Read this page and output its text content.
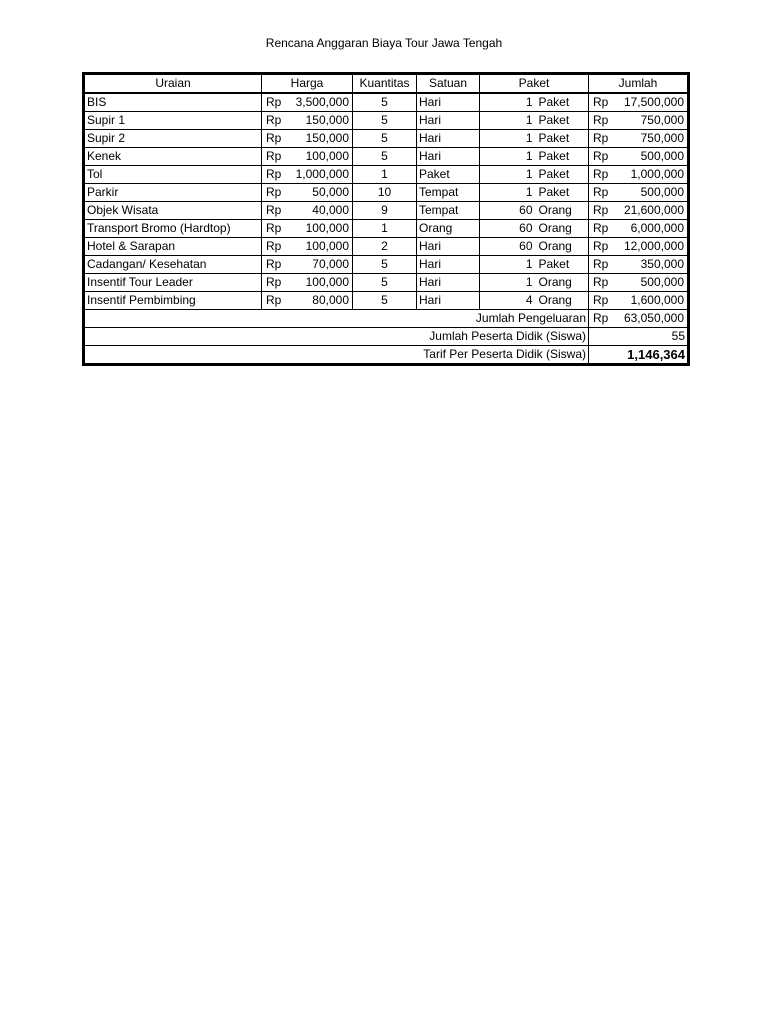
Rencana Anggaran Biaya Tour Jawa Tengah
Uraian	Harga	Kuantitas	Satuan	Paket		Jumlah
BIS	Rp 3,500,000	5	Hari	1	Paket	Rp 17,500,000

Supir 1	Rp 150,000	5	Hari	1	Paket	Rp 750,000

Supir 2	Rp 150,000	5	Hari	1	Paket	Rp 750,000

Kenek	Rp 100,000	5	Hari	1	Paket	Rp 500,000

Tol	Rp 1,000,000	1	Paket	1	Paket	Rp 1,000,000

Parkir	Rp 50,000	10	Tempat	1	Paket	Rp 500,000

Objek Wisata	Rp 40,000	9	Tempat	60	Orang	Rp 21,600,000

Transport Bromo (Hardtop)	Rp 100,000	1	Orang	60	Orang	Rp 6,000,000

Hotel & Sarapan	Rp 100,000	2	Hari	60	Orang	Rp 12,000,000

Cadangan/ Kesehatan	Rp 70,000	5	Hari	1	Paket	Rp 350,000

Insentif Tour Leader	Rp 100,000	5	Hari	1	Orang	Rp 500,000

Insentif Pembimbing	Rp 80,000	5	Hari	4	Orang	Rp 1,600,000

Jumlah Pengeluaran						Rp 63,050,000

Jumlah Peserta Didik (Siswa)						55
Tarif Per Peserta Didik (Siswa)						1,146,364
